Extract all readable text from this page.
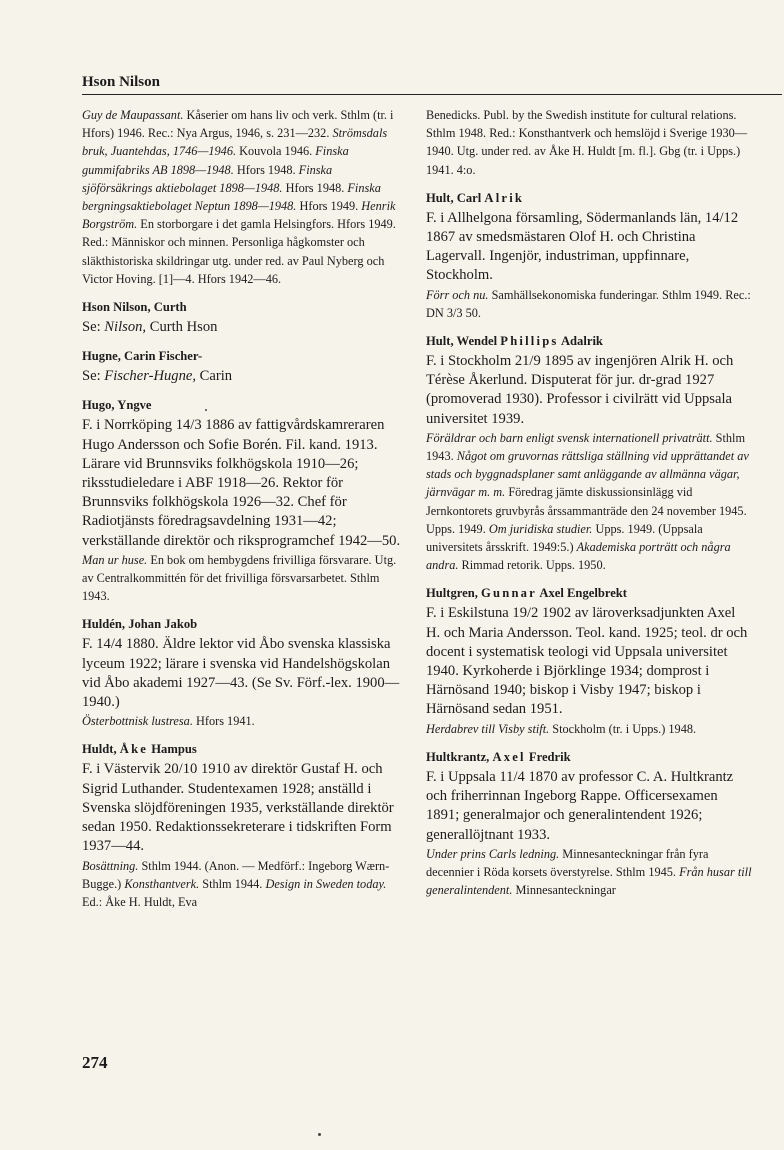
Hson Nilson

Guy de Maupassant. Kåserier om hans liv och verk. Sthlm (tr. i Hfors) 1946. Rec.: Nya Argus, 1946, s. 231—232. Strömsdals bruk, Juantehdas, 1746—1946. Kouvola 1946. Finska gummifabriks AB 1898—1948. Hfors 1948. Finska sjöförsäkrings aktiebolaget 1898—1948. Hfors 1948. Finska bergningsaktiebolaget Neptun 1898—1948. Hfors 1949. Henrik Borgström. En storborgare i det gamla Helsingfors. Hfors 1949. Red.: Människor och minnen. Personliga hågkomster och släkthistoriska skildringar utg. under red. av Paul Nyberg och Victor Hoving. [1]—4. Hfors 1942—46.

Hson Nilson, Curth

Se: Nilson, Curth Hson

Hugne, Carin Fischer-

Se: Fischer-Hugne, Carin

Hugo, Yngve

F. i Norrköping 14/3 1886 av fattigvårdskamreraren Hugo Andersson och Sofie Borén. Fil. kand. 1913. Lärare vid Brunnsviks folkhögskola 1910—26; riksstudieledare i ABF 1918—26. Rektor för Brunnsviks folkhögskola 1926—32. Chef för Radiotjänsts föredragsavdelning 1931—42; verkställande direktör och riksprogramchef 1942—50.

Man ur huse. En bok om hembygdens frivilliga försvarare. Utg. av Centralkommittén för det frivilliga försvarsarbetet. Sthlm 1943.

Huldén, Johan Jakob

F. 14/4 1880. Äldre lektor vid Åbo svenska klassiska lyceum 1922; lärare i svenska vid Handelshögskolan vid Åbo akademi 1927—43. (Se Sv. Förf.-lex. 1900—1940.)

Österbottnisk lustresa. Hfors 1941.

Huldt, Åke Hampus

F. i Västervik 20/10 1910 av direktör Gustaf H. och Sigrid Luthander. Studentexamen 1928; anställd i Svenska slöjdföreningen 1935, verkställande direktör sedan 1950. Redaktionssekreterare i tidskriften Form 1937—44.

Bosättning. Sthlm 1944. (Anon. — Medförf.: Ingeborg Wærn-Bugge.) Konsthantverk. Sthlm 1944. Design in Sweden today. Ed.: Åke H. Huldt, Eva

Benedicks. Publ. by the Swedish institute for cultural relations. Sthlm 1948. Red.: Konsthantverk och hemslöjd i Sverige 1930—1940. Utg. under red. av Åke H. Huldt [m. fl.]. Gbg (tr. i Upps.) 1941. 4:o.

Hult, Carl Alrik

F. i Allhelgona församling, Södermanlands län, 14/12 1867 av smedsmästaren Olof H. och Christina Lagervall. Ingenjör, industriman, uppfinnare, Stockholm.

Förr och nu. Samhällsekonomiska funderingar. Sthlm 1949. Rec.: DN 3/3 50.

Hult, Wendel Phillips Adalrik

F. i Stockholm 21/9 1895 av ingenjören Alrik H. och Térèse Åkerlund. Disputerat för jur. dr-grad 1927 (promoverad 1930). Professor i civilrätt vid Uppsala universitet 1939.

Föräldrar och barn enligt svensk internationell privaträtt. Sthlm 1943. Något om gruvornas rättsliga ställning vid upprättandet av stads och byggnadsplaner samt anläggande av allmänna vägar, järnvägar m. m. Föredrag jämte diskussionsinlägg vid Jernkontorets gruvbyrås årssammanträde den 24 november 1945. Upps. 1949. Om juridiska studier. Upps. 1949. (Uppsala universitets årsskrift. 1949:5.) Akademiska porträtt och några andra. Rimmad retorik. Upps. 1950.

Hultgren, Gunnar Axel Engelbrekt

F. i Eskilstuna 19/2 1902 av läroverksadjunkten Axel H. och Maria Andersson. Teol. kand. 1925; teol. dr och docent i systematisk teologi vid Uppsala universitet 1940. Kyrkoherde i Björklinge 1934; domprost i Härnösand 1940; biskop i Visby 1947; biskop i Härnösand sedan 1951.

Herdabrev till Visby stift. Stockholm (tr. i Upps.) 1948.

Hultkrantz, Axel Fredrik

F. i Uppsala 11/4 1870 av professor C. A. Hultkrantz och friherrinnan Ingeborg Rappe. Officersexamen 1891; generalmajor och generalintendent 1926; generallöjtnant 1933.

Under prins Carls ledning. Minnesanteckningar från fyra decennier i Röda korsets överstyrelse. Sthlm 1945. Från husar till generalintendent. Minnesanteckningar

274
